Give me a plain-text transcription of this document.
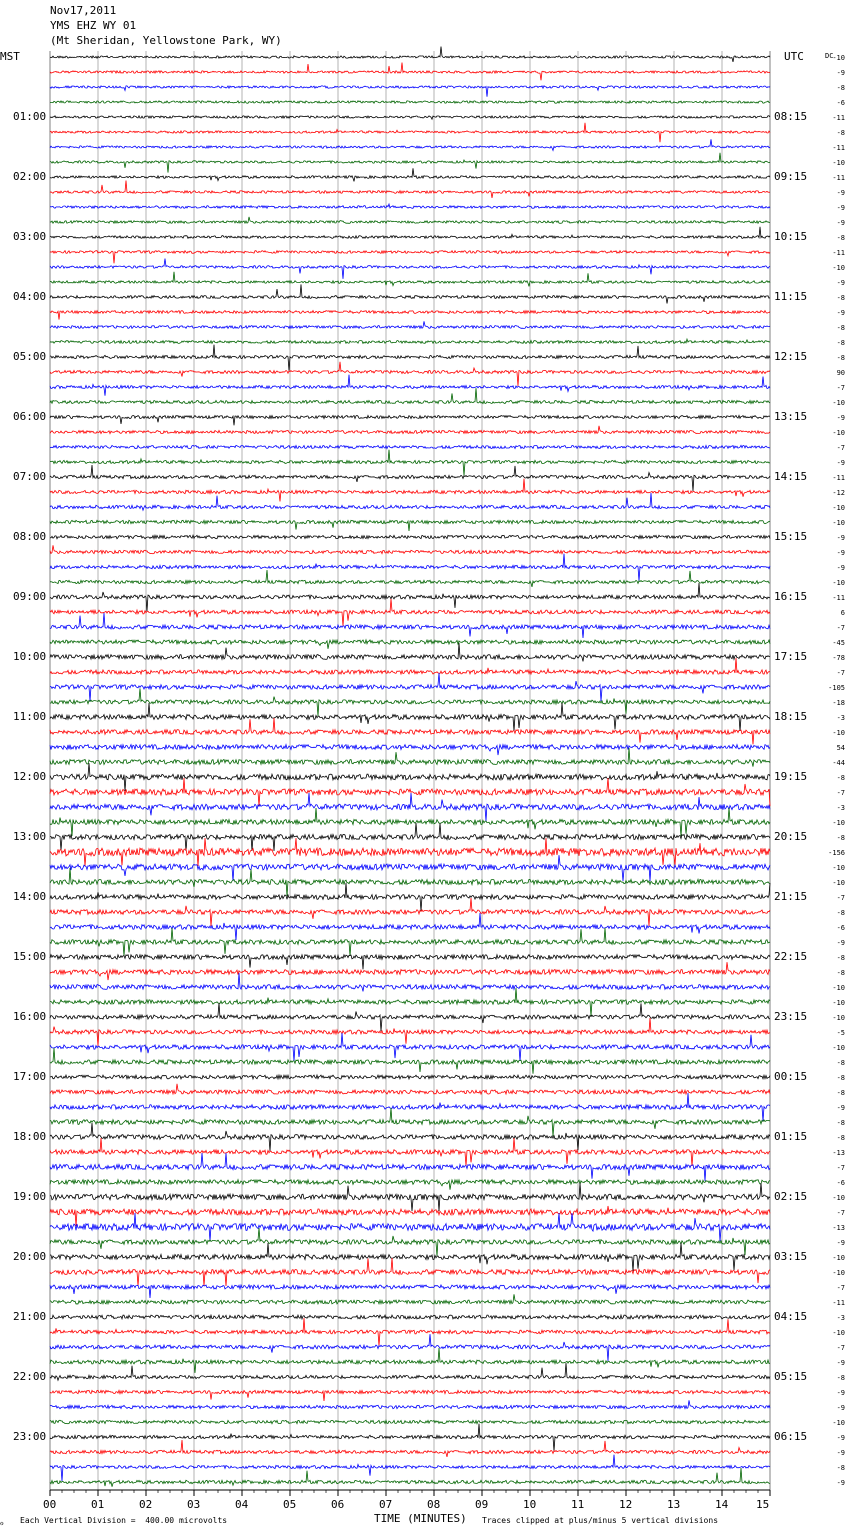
Nov17,2011
YMS EHZ WY 01
(Mt Sheridan, Yellowstone Park, WY)
MST	UTC	DC
00	01	02	03	04	05	06	07	08	09	10	11	12	13	14	15
01:00
02:00
03:00
04:00
05:00
06:00
07:00
08:00
09:00
10:00
11:00
12:00
13:00
14:00
15:00
16:00
17:00
18:00
19:00
20:00
21:00
22:00
23:00
08:15
09:15
10:15
11:15
12:15
13:15
14:15
15:15
16:15
17:15
18:15
19:15
20:15
21:15
22:15
23:15
00:15
01:15
02:15
03:15
04:15
05:15
06:15
-10
-9
-8
-6
-11
-8
-11
-10
-11
-9
-9
-9
-8
-11
-10
-9
-8
-9
-8
-8
-8
90
-7
-10
-9
-10
-7
-9
-11
-12
-10
-10
-9
-9
-9
-10
-11
6
-7
-45
-78
-7
-105
-18
-3
-10
54
-44
-8
-7
-3
-10
-8
-156
-10
-10
-7
-8
-6
-9
-8
-8
-10
-10
-10
-5
-10
-8
-8
-8
-9
-8
-8
-13
-7
-6
-10
-7
-13
-9
-10
-10
-7
-11
-3
-10
-7
-9
-8
-9
-9
-10
-9
-9
-8
-9
ℴ Each Vertical Division =  400.00 microvolts	TIME (MINUTES) Traces clipped at plus/minus 5 vertical divisions
